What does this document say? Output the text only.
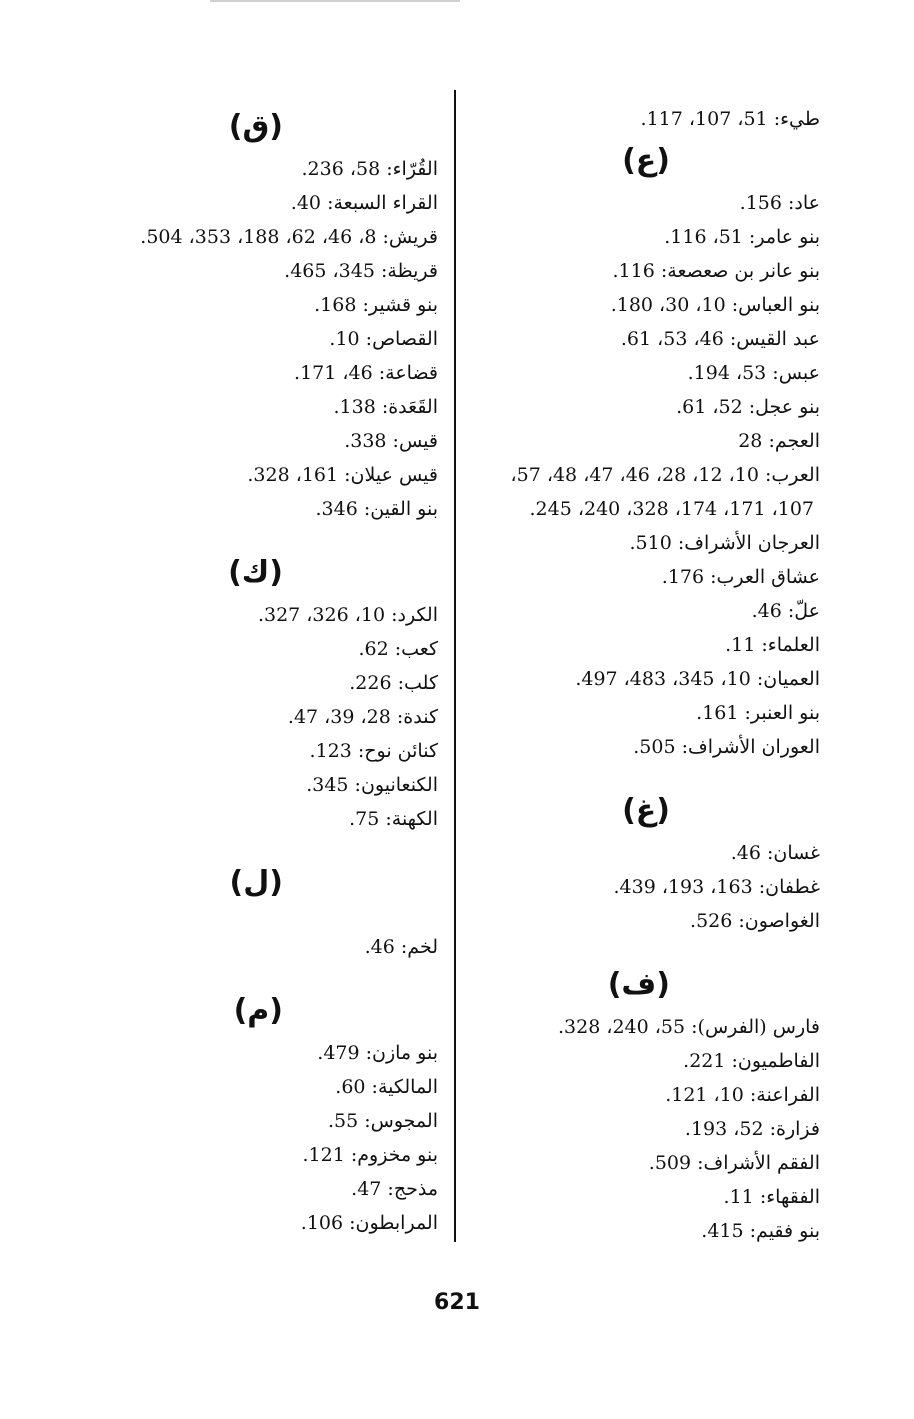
طيء: 51، 107، 117.
(ع)
عاد: 156.
بنو عامر: 51، 116.
بنو عانر بن صعصعة: 116.
بنو العباس: 10، 30، 180.
عبد القيس: 46، 53، 61.
عبس: 53، 194.
بنو عجل: 52، 61.
العجم: 28
العرب: 10، 12، 28، 46، 47، 48، 57،
107، 171، 174، 328، 240، 245.
العرجان الأشراف: 510.
عشاق العرب: 176.
علّ: 46.
العلماء: 11.
العميان: 10، 345، 483، 497.
بنو العنبر: 161.
العوران الأشراف: 505.
(غ)
غسان: 46.
غطفان: 163، 193، 439.
الغواصون: 526.
(ف)
فارس (الفرس): 55، 240، 328.
الفاطميون: 221.
الفراعنة: 10، 121.
فزارة: 52، 193.
الفقم الأشراف: 509.
الفقهاء: 11.
بنو فقيم: 415.
(ق)
القُرّاء: 58، 236.
القراء السبعة: 40.
قريش: 8، 46، 62، 188، 353، 504.
قريظة: 345، 465.
بنو قشير: 168.
القصاص: 10.
قضاعة: 46، 171.
القَعَدة: 138.
قيس: 338.
قيس عيلان: 161، 328.
بنو القين: 346.
(ك)
الكرد: 10، 326، 327.
كعب: 62.
كلب: 226.
كندة: 28، 39، 47.
كنائن نوح: 123.
الكنعانيون: 345.
الكهنة: 75.
(ل)
لخم: 46.
(م)
بنو مازن: 479.
المالكية: 60.
المجوس: 55.
بنو مخزوم: 121.
مذحج: 47.
المرابطون: 106.
621
